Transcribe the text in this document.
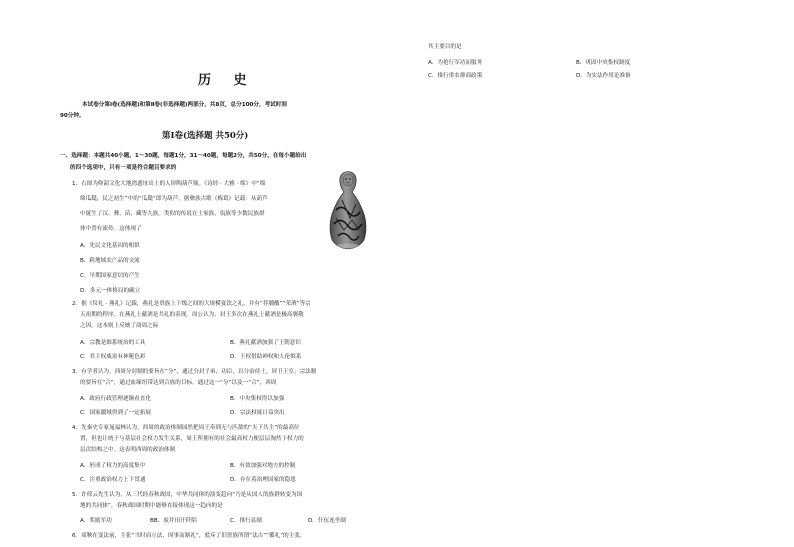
其主要目的是
A．为抢行军功而服务	B．巩固中央集权制度
C．推行重农抑商政策	D．为实法作用论准备
历 史
本试卷分第Ⅰ卷(选择题)和第Ⅱ卷(非选择题)两部分，共8页，总分100分，考试时间
90分钟。
第Ⅰ卷(选择题 共50分)
一、选择题：本题共40小题，1～30题，每题1分，31～40题，每题2分，共50分。在每小题给出
的四个选项中，只有一项是符合题目要求的
1．右图为仰韶文化大地湾遗址出土的人形陶葫芦瓶。《诗经 · 大雅 · 绵》中“绵
绵瓜瓞，民之初生”中的“瓜瓞”即为葫芦。据彝族古歌《梅葛》记载：从葫芦
中诞生了汉、彝、苗、藏等九族。类似的传说在土家族、佤族等少数民族群
体中普有流传。这体现了
A．先民文化基因的相似
B．跨地域农产品的交流
C．早期国家意识的产生
D．多元一体格局的确立
2．据《仪礼 · 燕礼》记载，燕礼是贵族上下级之间的大规模宴饮之礼，并有“荐脯醢”“荣酒”等宗
天祖期的程序。在燕礼上献酒是共礼的表现。周公认为，封王多次在燕礼上献酒是极高褒敬
之因。这本则上反映了商周之际
A．宗教是维系统治的工具	B．燕礼献酒加强了王朝意识
C．君主权威富有神秘色彩	D．王权借助神权和人伦维系
3．有学者认为，西周分封制的要旨在“分”，通过分封子弟、功臣，以分治待土，屏卫王室；宗法制
的要旨在“合”，通过血缘纽带达到合族的目标。通过这一“分”以及一“合”，西周
A．政府行政管理逐渐看直化	B．中央集权得以加强
C．国家疆域得到了一定拓展	D．宗法权威日益突出
4．先秦史专家晁福林认为，西周的政治体制园然把周王奉到无与匹敌的“天下共主”的最高位
置，但也让统于与基层社会权力发生关系，周王所拥有的社会最高权力便层层淘然于权力的
层次结构之中。这表明西周的政治体制
A．形成了权力的高度集中	B．有效加强对地方的控制
C．注重政治权力上下贯通	D．存在着治理国家的隐患
5．许倬云先生认为，从三代经春秋战国，中华共同体的演变趋向“乃是从国人的族群转变为国
地的共同体”。春秋战国时期中能够直接体现这一趋向的是
A．奖励军功	BB．废井田开阡陌	C．推行县制	D．什伍连坐制
6．商鞅在变法前，主张“当时而立法，因事而制礼”，驳斥了旧贵族所谓“法古”“循礼”的主张，
